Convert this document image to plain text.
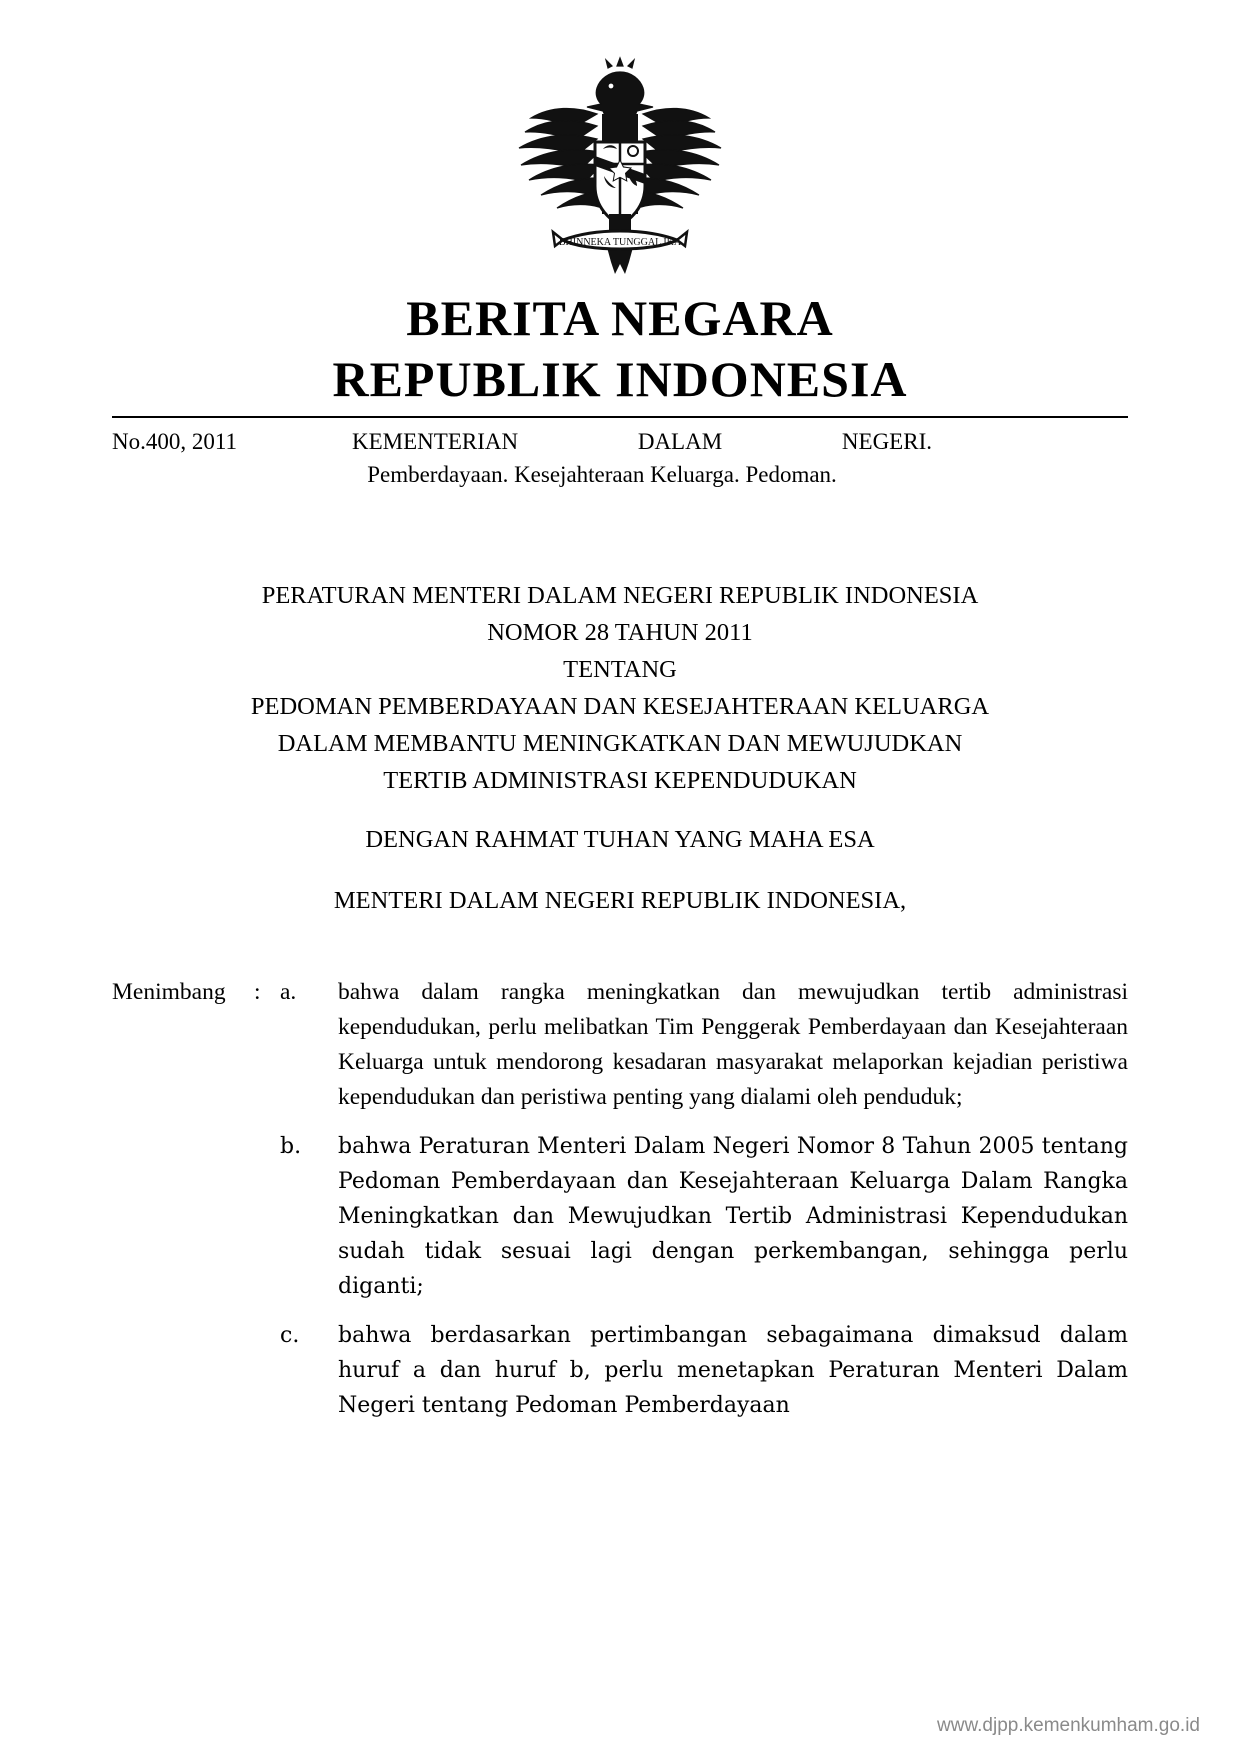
BHINNEKA TUNGGAL IKA
BERITA NEGARA
REPUBLIK INDONESIA
No.400, 2011	KEMENTERIAN	DALAM	NEGERI.
Pemberdayaan. Kesejahteraan Keluarga. Pedoman.
PERATURAN MENTERI DALAM NEGERI REPUBLIK INDONESIA
NOMOR 28 TAHUN 2011
TENTANG
PEDOMAN PEMBERDAYAAN DAN KESEJAHTERAAN KELUARGA
DALAM MEMBANTU MENINGKATKAN DAN MEWUJUDKAN
TERTIB ADMINISTRASI KEPENDUDUKAN
DENGAN RAHMAT TUHAN YANG MAHA ESA
MENTERI DALAM NEGERI REPUBLIK INDONESIA,
Menimbang	: a.	bahwa dalam rangka meningkatkan dan mewujudkan tertib administrasi kependudukan, perlu melibatkan Tim Penggerak Pemberdayaan dan Kesejahteraan Keluarga untuk mendorong kesadaran masyarakat melaporkan kejadian peristiwa kependudukan dan peristiwa penting yang dialami oleh penduduk;
b.	bahwa Peraturan Menteri Dalam Negeri Nomor 8 Tahun 2005 tentang Pedoman Pemberdayaan dan Kesejahteraan Keluarga Dalam Rangka Meningkatkan dan Mewujudkan Tertib Administrasi Kependudukan sudah tidak sesuai lagi dengan perkembangan, sehingga perlu diganti;
c.	bahwa berdasarkan pertimbangan sebagaimana dimaksud dalam huruf a dan huruf b, perlu menetapkan Peraturan Menteri Dalam Negeri tentang Pedoman Pemberdayaan
www.djpp.kemenkumham.go.id
